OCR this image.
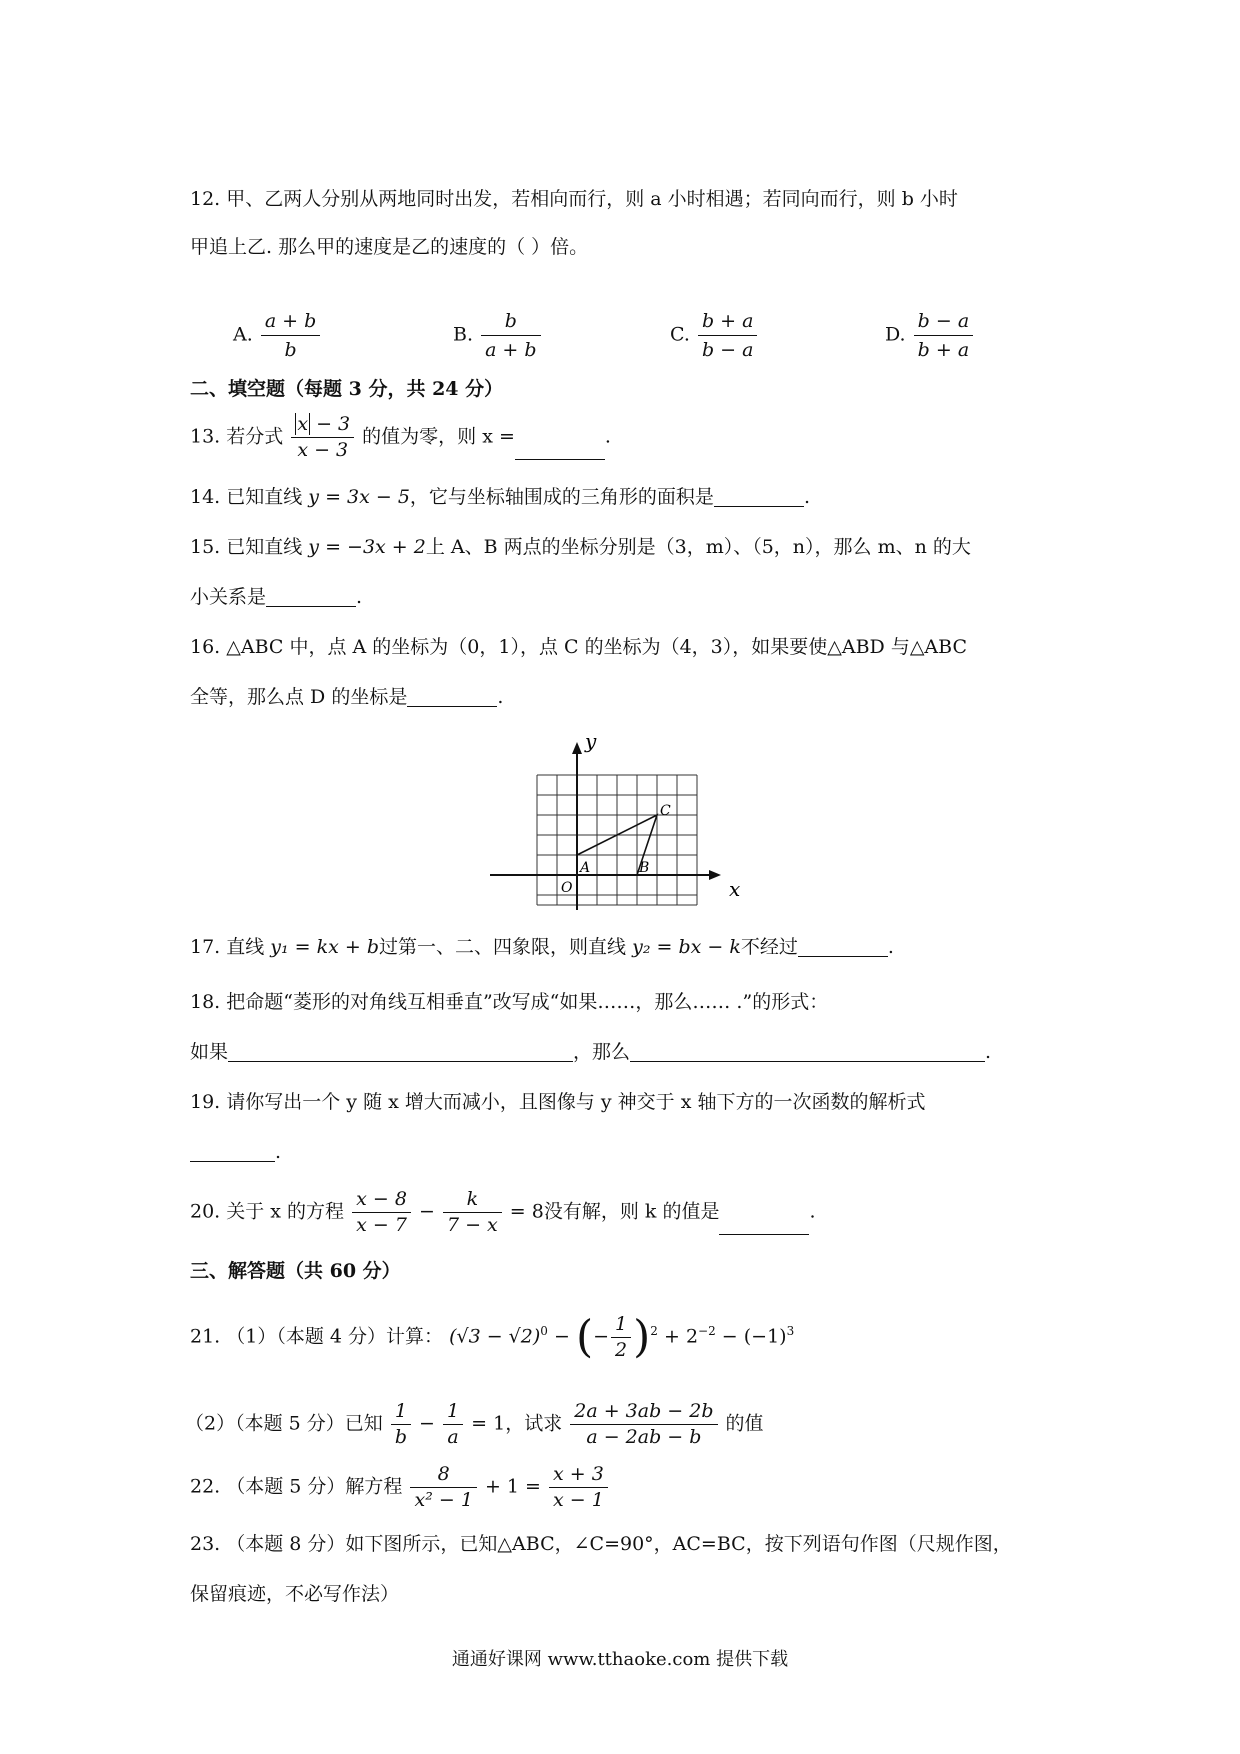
12. 甲、乙两人分别从两地同时出发，若相向而行，则 a 小时相遇；若同向而行，则 b 小时
甲追上乙. 那么甲的速度是乙的速度的（ ）倍。
A. $\frac{a + b}{b}$	B. $\frac{b}{a + b}$	C. $\frac{b + a}{b - a}$	D. $\frac{b - a}{b + a}$
二、填空题（每题 3 分，共 24 分）
13. 若分式 $\frac{x - 3}{x - 3}$ 的值为零，则 x =	.
14. 已知直线 y = 3x − 5，它与坐标轴围成的三角形的面积是	.
15. 已知直线 y = −3x + 2上 A、B 两点的坐标分别是（3，m）、（5，n），那么 m、n 的大
小关系是	.
16. △ABC 中，点 A 的坐标为（0，1），点 C 的坐标为（4，3），如果要使△ABD 与△ABC
全等，那么点 D 的坐标是	.
y
x
O
A	B
C
17. 直线 y₁ = kx + b过第一、二、四象限，则直线 y₂ = bx − k不经过	.
18. 把命题“菱形的对角线互相垂直”改写成“如果……，那么…… .”的形式：
如果	，那么	.
19. 请你写出一个 y 随 x 增大而减小，且图像与 y 神交于 x 轴下方的一次函数的解析式
.
20. 关于 x 的方程 $\frac{x - 8}{x - 7} - \frac{k}{7 - x} = 8$没有解，则 k 的值是	.
三、解答题（共 60 分）
21. （1）（本题 4 分）计算： $(√3 - √2)^0$ − (− $\frac{1}{2} )^2 + 2^{-2} - (-1)^3$
（2）（本题 5 分）已知 $\frac{1}{b} - \frac{1}{a} = 1$，试求 $\frac{2a + 3ab - 2b}{a - 2ab - b}$ 的值
22. （本题 5 分）解方程 $\frac{8}{\text{x² − 1}} + 1 = \frac{x + 3}{x - 1}$
23. （本题 8 分）如下图所示，已知△ABC，∠C=90°，AC=BC，按下列语句作图（尺规作图，
保留痕迹，不必写作法）
通通好课网 www.tthaoke.com 提供下载
